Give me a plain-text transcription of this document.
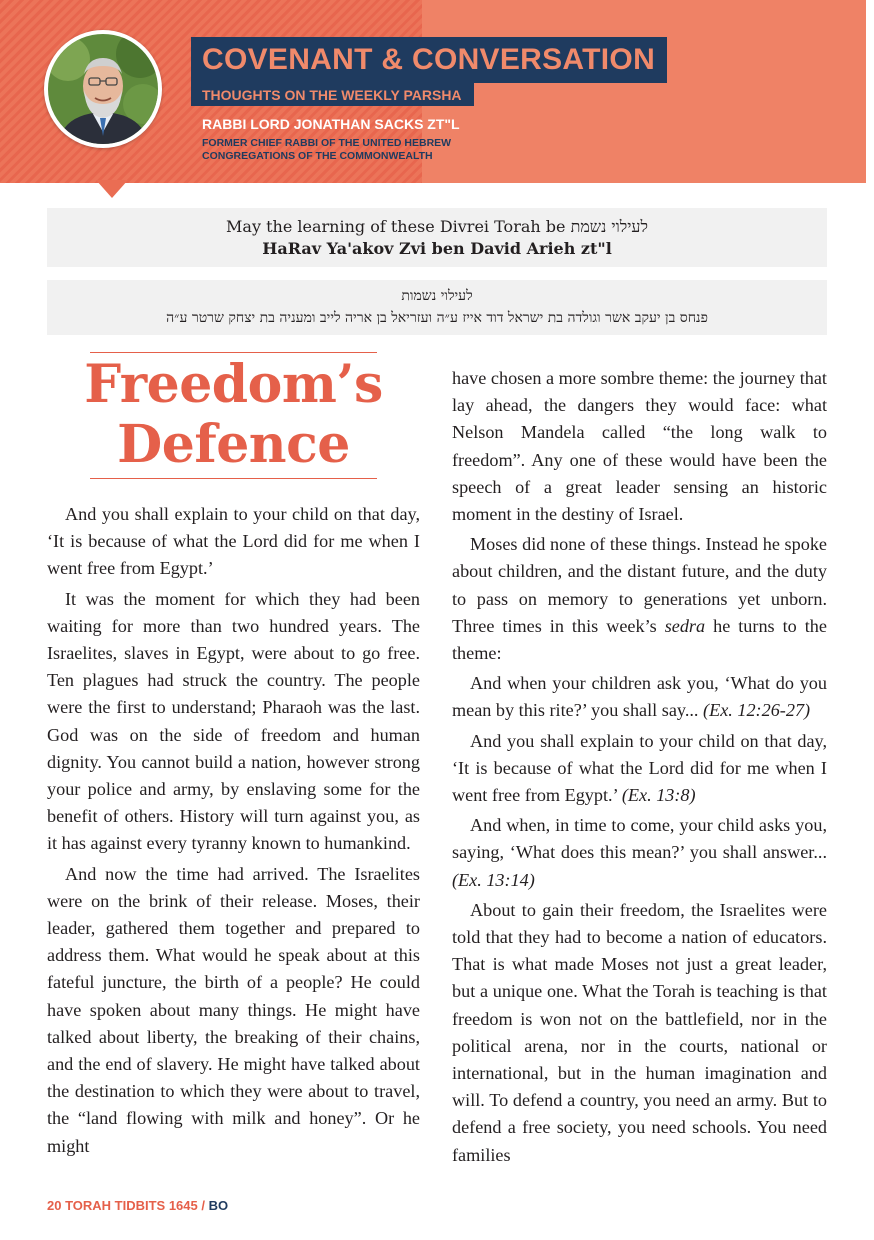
COVENANT & CONVERSATION
THOUGHTS ON THE WEEKLY PARSHA
RABBI LORD JONATHAN SACKS ZT"L
FORMER CHIEF RABBI OF THE UNITED HEBREW
CONGREGATIONS OF THE COMMONWEALTH
May the learning of these Divrei Torah be לעילוי נשמת
HaRav Ya'akov Zvi ben David Arieh zt"l
לעילוי נשמות
פנחס בן יעקב אשר וגולדה בת ישראל דוד אייז ע״ה ועזריאל בן אריה לייב ומעניה בת יצחק שרטר ע״ה
Freedom’s
Defence

And you shall explain to your child on that day, ‘It is because of what the Lord did for me when I went free from Egypt.’

It was the moment for which they had been waiting for more than two hundred years. The Israelites, slaves in Egypt, were about to go free. Ten plagues had struck the country. The people were the first to understand; Pharaoh was the last. God was on the side of freedom and human dignity. You cannot build a nation, however strong your police and army, by enslaving some for the benefit of others. History will turn against you, as it has against every tyranny known to humankind.

And now the time had arrived. The Israelites were on the brink of their release. Moses, their leader, gathered them together and prepared to address them. What would he speak about at this fateful juncture, the birth of a people? He could have spoken about many things. He might have talked about liberty, the breaking of their chains, and the end of slavery. He might have talked about the destination to which they were about to travel, the “land flowing with milk and honey”. Or he might

have chosen a more sombre theme: the journey that lay ahead, the dangers they would face: what Nelson Mandela called “the long walk to freedom”. Any one of these would have been the speech of a great leader sensing an historic moment in the destiny of Israel.

Moses did none of these things. Instead he spoke about children, and the distant future, and the duty to pass on memory to generations yet unborn. Three times in this week’s sedra he turns to the theme:

And when your children ask you, ‘What do you mean by this rite?’ you shall say... (Ex. 12:26-27)

And you shall explain to your child on that day, ‘It is because of what the Lord did for me when I went free from Egypt.’ (Ex. 13:8)

And when, in time to come, your child asks you, saying, ‘What does this mean?’ you shall answer... (Ex. 13:14)

About to gain their freedom, the Israelites were told that they had to become a nation of educators. That is what made Moses not just a great leader, but a unique one. What the Torah is teaching is that freedom is won not on the battlefield, nor in the political arena, nor in the courts, national or international, but in the human imagination and will. To defend a country, you need an army. But to defend a free society, you need schools. You need families

20 TORAH TIDBITS 1645 / BO
